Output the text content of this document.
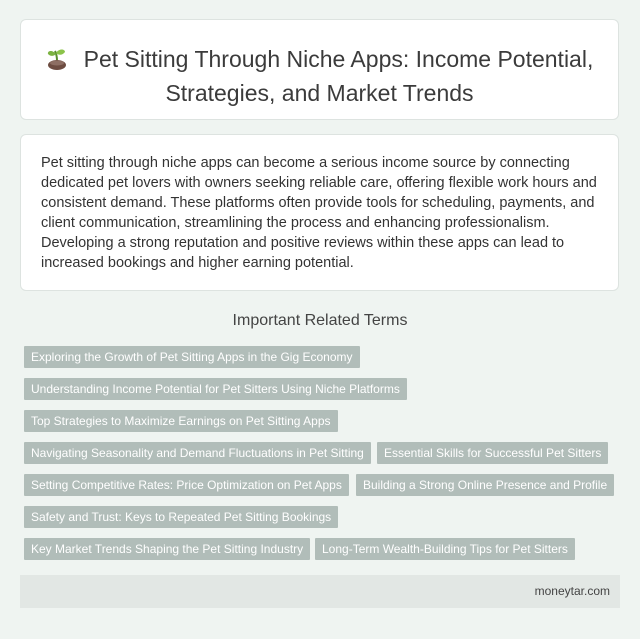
Pet Sitting Through Niche Apps: Income Potential, Strategies, and Market Trends
Pet sitting through niche apps can become a serious income source by connecting dedicated pet lovers with owners seeking reliable care, offering flexible work hours and consistent demand. These platforms often provide tools for scheduling, payments, and client communication, streamlining the process and enhancing professionalism. Developing a strong reputation and positive reviews within these apps can lead to increased bookings and higher earning potential.
Important Related Terms
Exploring the Growth of Pet Sitting Apps in the Gig Economy
Understanding Income Potential for Pet Sitters Using Niche Platforms
Top Strategies to Maximize Earnings on Pet Sitting Apps
Navigating Seasonality and Demand Fluctuations in Pet Sitting	Essential Skills for Successful Pet Sitters
Setting Competitive Rates: Price Optimization on Pet Apps	Building a Strong Online Presence and Profile
Safety and Trust: Keys to Repeated Pet Sitting Bookings
Key Market Trends Shaping the Pet Sitting Industry	Long-Term Wealth-Building Tips for Pet Sitters
moneytar.com
